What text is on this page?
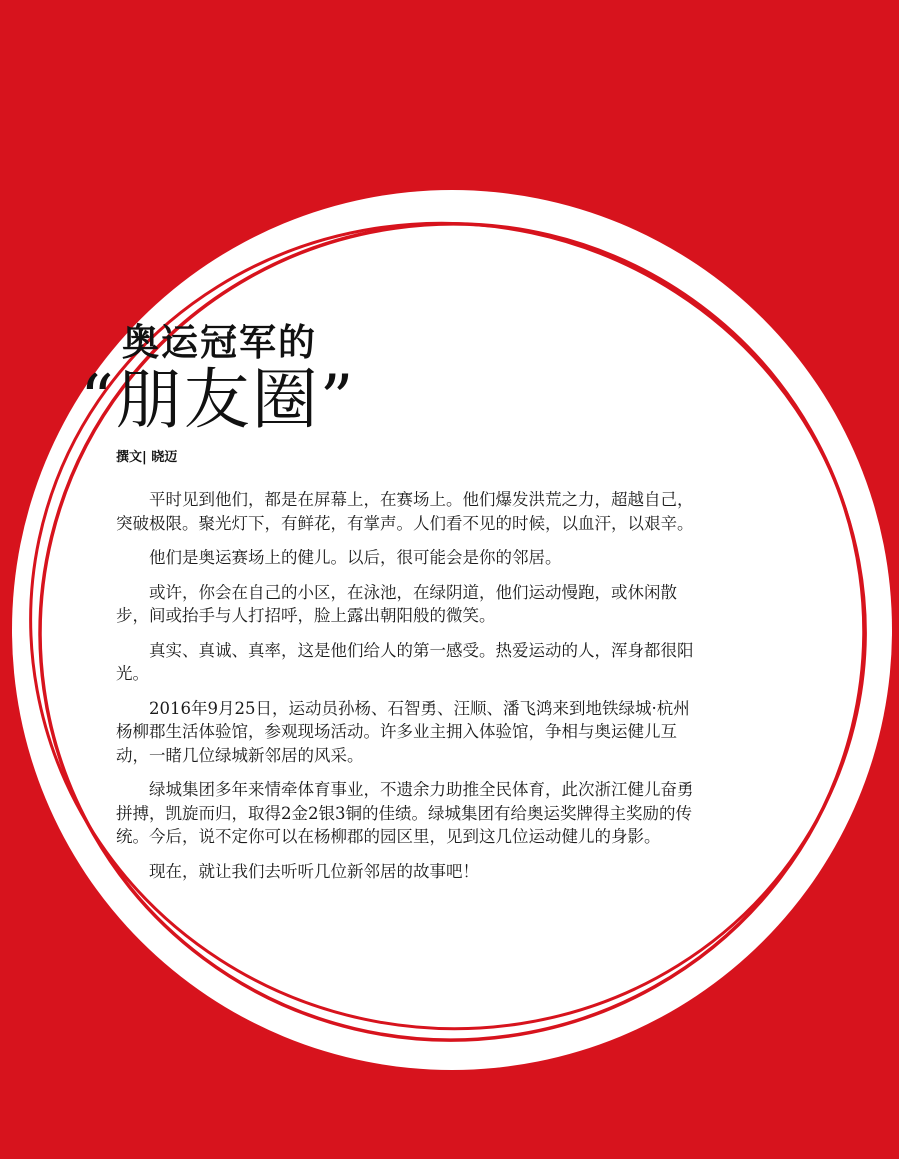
奥运冠军的
“朋友圈”
撰文| 晓迈

平时见到他们，都是在屏幕上，在赛场上。他们爆发洪荒之力，超越自己，突破极限。聚光灯下，有鲜花，有掌声。人们看不见的时候，以血汗，以艰辛。

他们是奥运赛场上的健儿。以后，很可能会是你的邻居。

或许，你会在自己的小区，在泳池，在绿阴道，他们运动慢跑，或休闲散步，间或抬手与人打招呼，脸上露出朝阳般的微笑。

真实、真诚、真率，这是他们给人的第一感受。热爱运动的人，浑身都很阳光。

2016年9月25日，运动员孙杨、石智勇、汪顺、潘飞鸿来到地铁绿城·杭州杨柳郡生活体验馆，参观现场活动。许多业主拥入体验馆，争相与奥运健儿互动，一睹几位绿城新邻居的风采。

绿城集团多年来情牵体育事业，不遗余力助推全民体育，此次浙江健儿奋勇拼搏，凯旋而归，取得2金2银3铜的佳绩。绿城集团有给奥运奖牌得主奖励的传统。今后，说不定你可以在杨柳郡的园区里，见到这几位运动健儿的身影。

现在，就让我们去听听几位新邻居的故事吧！
